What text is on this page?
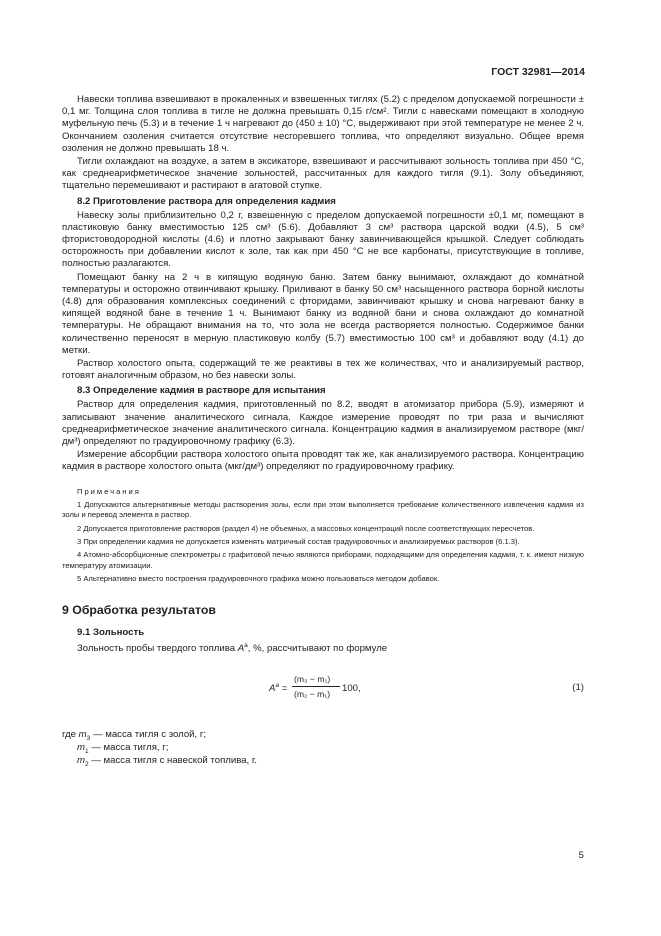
ГОСТ 32981—2014

Навески топлива взвешивают в прокаленных и взвешенных тиглях (5.2) с пределом допускаемой погрешности ± 0,1 мг. Толщина слоя топлива в тигле не должна превышать 0,15 г/см². Тигли с навесками помещают в холодную муфельную печь (5.3) и в течение 1 ч нагревают до (450 ± 10) °С, выдерживают при этой температуре не менее 2 ч. Окончанием озоления считается отсутствие несгоревшего топлива, что определяют визуально. Общее время озоления не должно превышать 18 ч.

Тигли охлаждают на воздухе, а затем в эксикаторе, взвешивают и рассчитывают зольность топлива при 450 °С, как среднеарифметическое значение зольностей, рассчитанных для каждого тигля (9.1). Золу объединяют, тщательно перемешивают и растирают в агатовой ступке.

8.2 Приготовление раствора для определения кадмия

Навеску золы приблизительно 0,2 г, взвешенную с пределом допускаемой погрешности ±0,1 мг, помещают в пластиковую банку вместимостью 125 см³ (5.6). Добавляют 3 см³ раствора царской водки (4.5), 5 см³ фтористоводородной кислоты (4.6) и плотно закрывают банку завинчивающейся крышкой. Следует соблюдать осторожность при добавлении кислот к золе, так как при 450 °С не все карбонаты, присутствующие в топливе, полностью разлагаются.

Помещают банку на 2 ч в кипящую водяную баню. Затем банку вынимают, охлаждают до комнатной температуры и осторожно отвинчивают крышку. Приливают в банку 50 см³ насыщенного раствора борной кислоты (4.8) для образования комплексных соединений с фторидами, завинчивают крышку и снова нагревают банку в кипящей водяной бане в течение 1 ч. Вынимают банку из водяной бани и снова охлаждают до комнатной температуры. Не обращают внимания на то, что зола не всегда растворяется полностью. Содержимое банки количественно переносят в мерную пластиковую колбу (5.7) вместимостью 100 см³ и добавляют воду (4.1) до метки.

Раствор холостого опыта, содержащий те же реактивы в тех же количествах, что и анализируемый раствор, готовят аналогичным образом, но без навески золы.

8.3 Определение кадмия в растворе для испытания

Раствор для определения кадмия, приготовленный по 8.2, вводят в атомизатор прибора (5.9), измеряют и записывают значение аналитического сигнала. Каждое измерение проводят по три раза и вычисляют среднеарифметическое значение аналитического сигнала. Концентрацию кадмия в анализируемом растворе (мкг/дм³) определяют по градуировочному графику (6.3).

Измерение абсорбции раствора холостого опыта проводят так же, как анализируемого раствора. Концентрацию кадмия в растворе холостого опыта (мкг/дм³) определяют по градуировочному графику.

Примечания

1 Допускаются альтернативные методы растворения золы, если при этом выполняется требование количественного извлечения кадмия из золы и перевод элемента в раствор.

2 Допускается приготовление растворов (раздел 4) не объемных, а массовых концентраций после соответствующих пересчетов.

3 При определении кадмия не допускается изменять матричный состав градуировочных и анализируемых растворов (6.1.3).

4 Атомно-абсорбционные спектрометры с графитовой печью являются приборами, подходящими для определения кадмия, т. к. имеют низкую температуру атомизации.

5 Альтернативно вместо построения градуировочного графика можно пользоваться методом добавок.

9 Обработка результатов
9.1 Зольность

Зольность пробы твердого топлива $A^a$, %, рассчитывают по формуле

$A^a$ =
(m₃ − m₁)
(m₂ − m₁) 100,	(1)
где $m_3$ — масса тигля с золой, г;
$m_1$ — масса тигля, г;
$m_2$ — масса тигля с навеской топлива, г.
5
